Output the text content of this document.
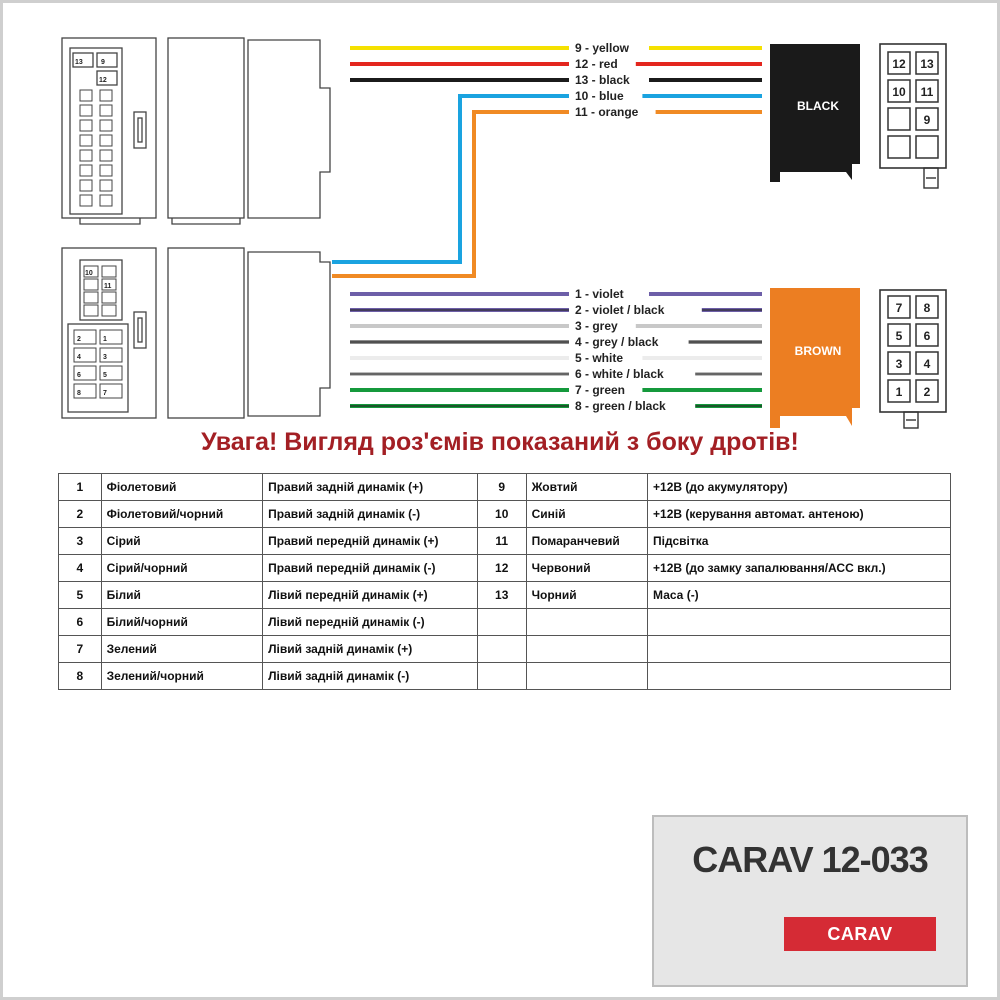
13	9
12
10
11
2	1
4	3
6	5
8	7
9 - yellow
12 - red
13 - black
10 - blue
11 - orange
1 - violet
2 - violet / black
3 - grey
4 - grey / black
5 - white
6 - white / black
7 - green
8 - green / black
BLACK
12 13
10 11
9
BROWN
7 8
5 6
3 4
1 2
Увага! Вигляд роз'ємів показаний з боку дротів!
1	Фіолетовий	Правий задній динамік (+)	9	Жовтий	+12В (до акумулятору)
2	Фіолетовий/чорний	Правий задній динамік (-)	10	Синій	+12В (керування автомат. антеною)
3	Сірий	Правий передній динамік (+)	11	Помаранчевий	Підсвітка
4	Сірий/чорний	Правий передній динамік (-)	12	Червоний	+12В (до замку запалювання/АСС вкл.)
5	Білий	Лівий передній динамік (+)	13	Чорний	Маса (-)
6	Білий/чорний	Лівий передній динамік (-)			
7	Зелений	Лівий задній динамік (+)			
8	Зелений/чорний	Лівий задній динамік (-)			
CARAV 12-033
CARAV
